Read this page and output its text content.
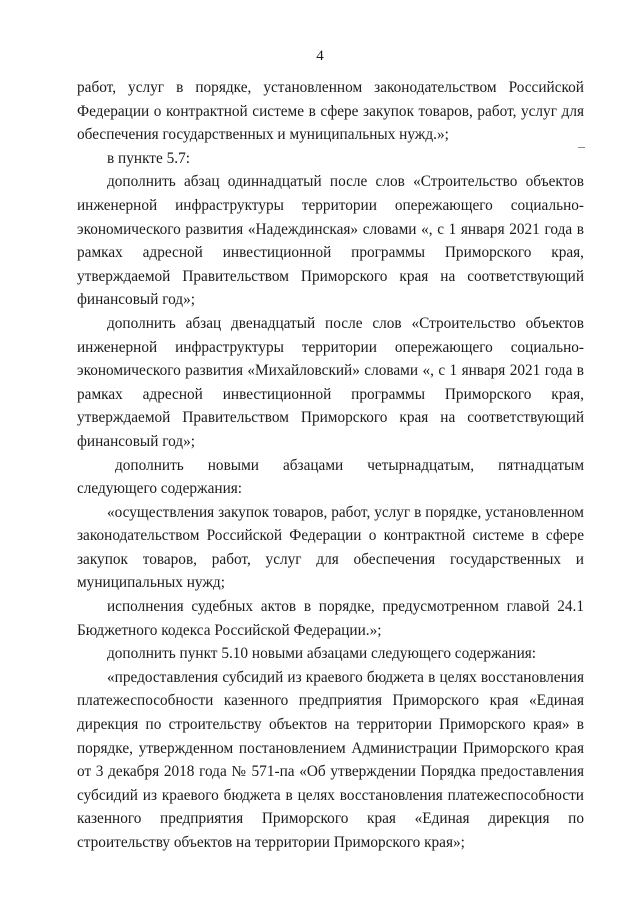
4

работ, услуг в порядке, установленном законодательством Российской Федерации о контрактной системе в сфере закупок товаров, работ, услуг для обеспечения государственных и муниципальных нужд.»;

в пункте 5.7:

дополнить абзац одиннадцатый после слов «Строительство объектов инженерной инфраструктуры территории опережающего социально-экономического развития «Надеждинская» словами «, с 1 января 2021 года в рамках адресной инвестиционной программы Приморского края, утверждаемой Правительством Приморского края на соответствующий финансовый год»;

дополнить абзац двенадцатый после слов «Строительство объектов инженерной инфраструктуры территории опережающего социально-экономического развития «Михайловский» словами «, с 1 января 2021 года в рамках адресной инвестиционной программы Приморского края, утверждаемой Правительством Приморского края на соответствующий финансовый год»;

дополнить новыми абзацами четырнадцатым, пятнадцатым следующего содержания:

«осуществления закупок товаров, работ, услуг в порядке, установленном законодательством Российской Федерации о контрактной системе в сфере закупок товаров, работ, услуг для обеспечения государственных и муниципальных нужд;

исполнения судебных актов в порядке, предусмотренном главой 24.1 Бюджетного кодекса Российской Федерации.»;

дополнить пункт 5.10 новыми абзацами следующего содержания:

«предоставления субсидий из краевого бюджета в целях восстановления платежеспособности казенного предприятия Приморского края «Единая дирекция по строительству объектов на территории Приморского края» в порядке, утвержденном постановлением Администрации Приморского края от 3 декабря 2018 года № 571-па «Об утверждении Порядка предоставления субсидий из краевого бюджета в целях восстановления платежеспособности казенного предприятия Приморского края «Единая дирекция по строительству объектов на территории Приморского края»;
